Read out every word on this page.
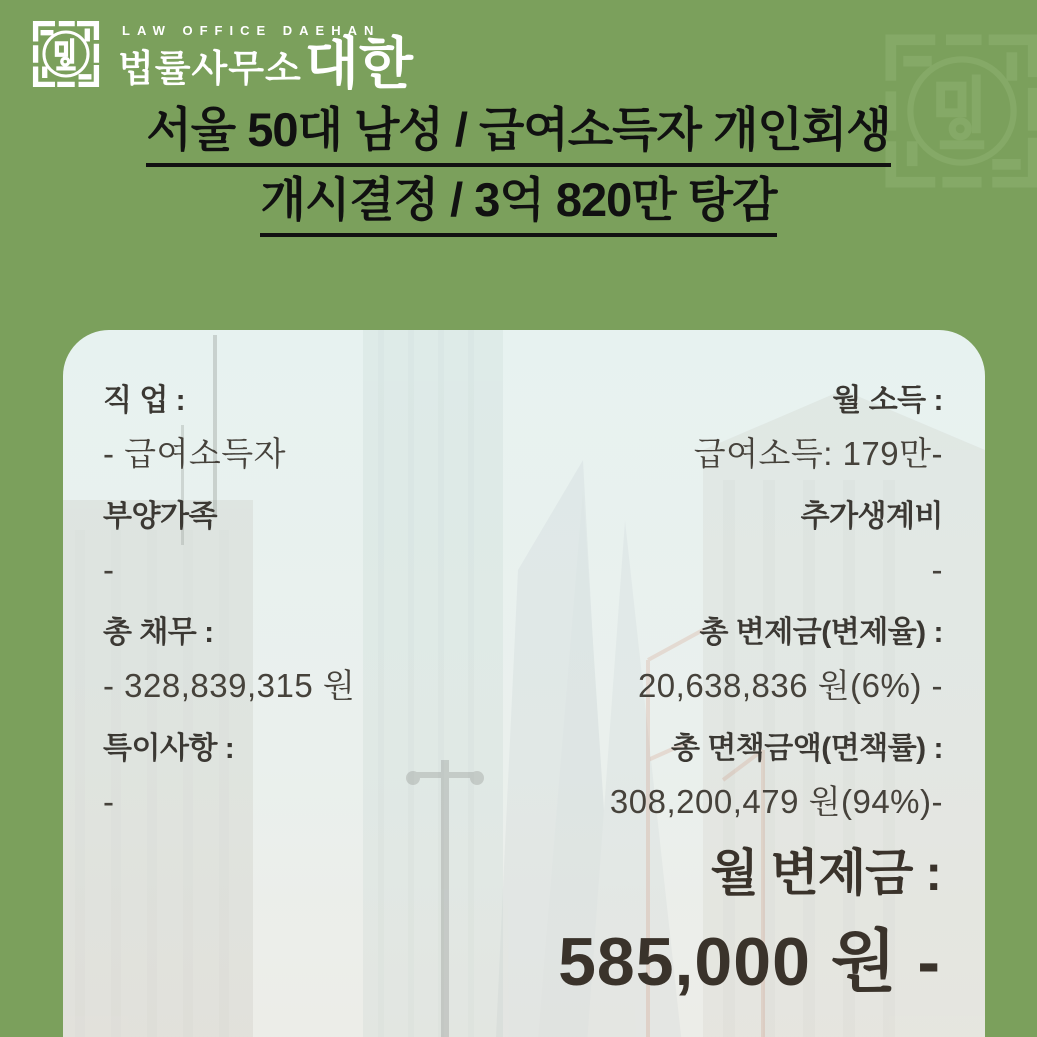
LAW OFFICE DAEHAN
법률사무소 대한
서울 50대 남성 / 급여소득자 개인회생
개시결정 / 3억 820만 탕감
직 업 :
- 급여소득자
월 소득 :
급여소득: 179만-
부양가족
-
추가생계비
-
총 채무 :
- 328,839,315 원
총 변제금(변제율) :
20,638,836 원(6%) -
특이사항 :
-
총 면책금액(면책률) :
308,200,479 원(94%)-
월 변제금 :
585,000 원 -
